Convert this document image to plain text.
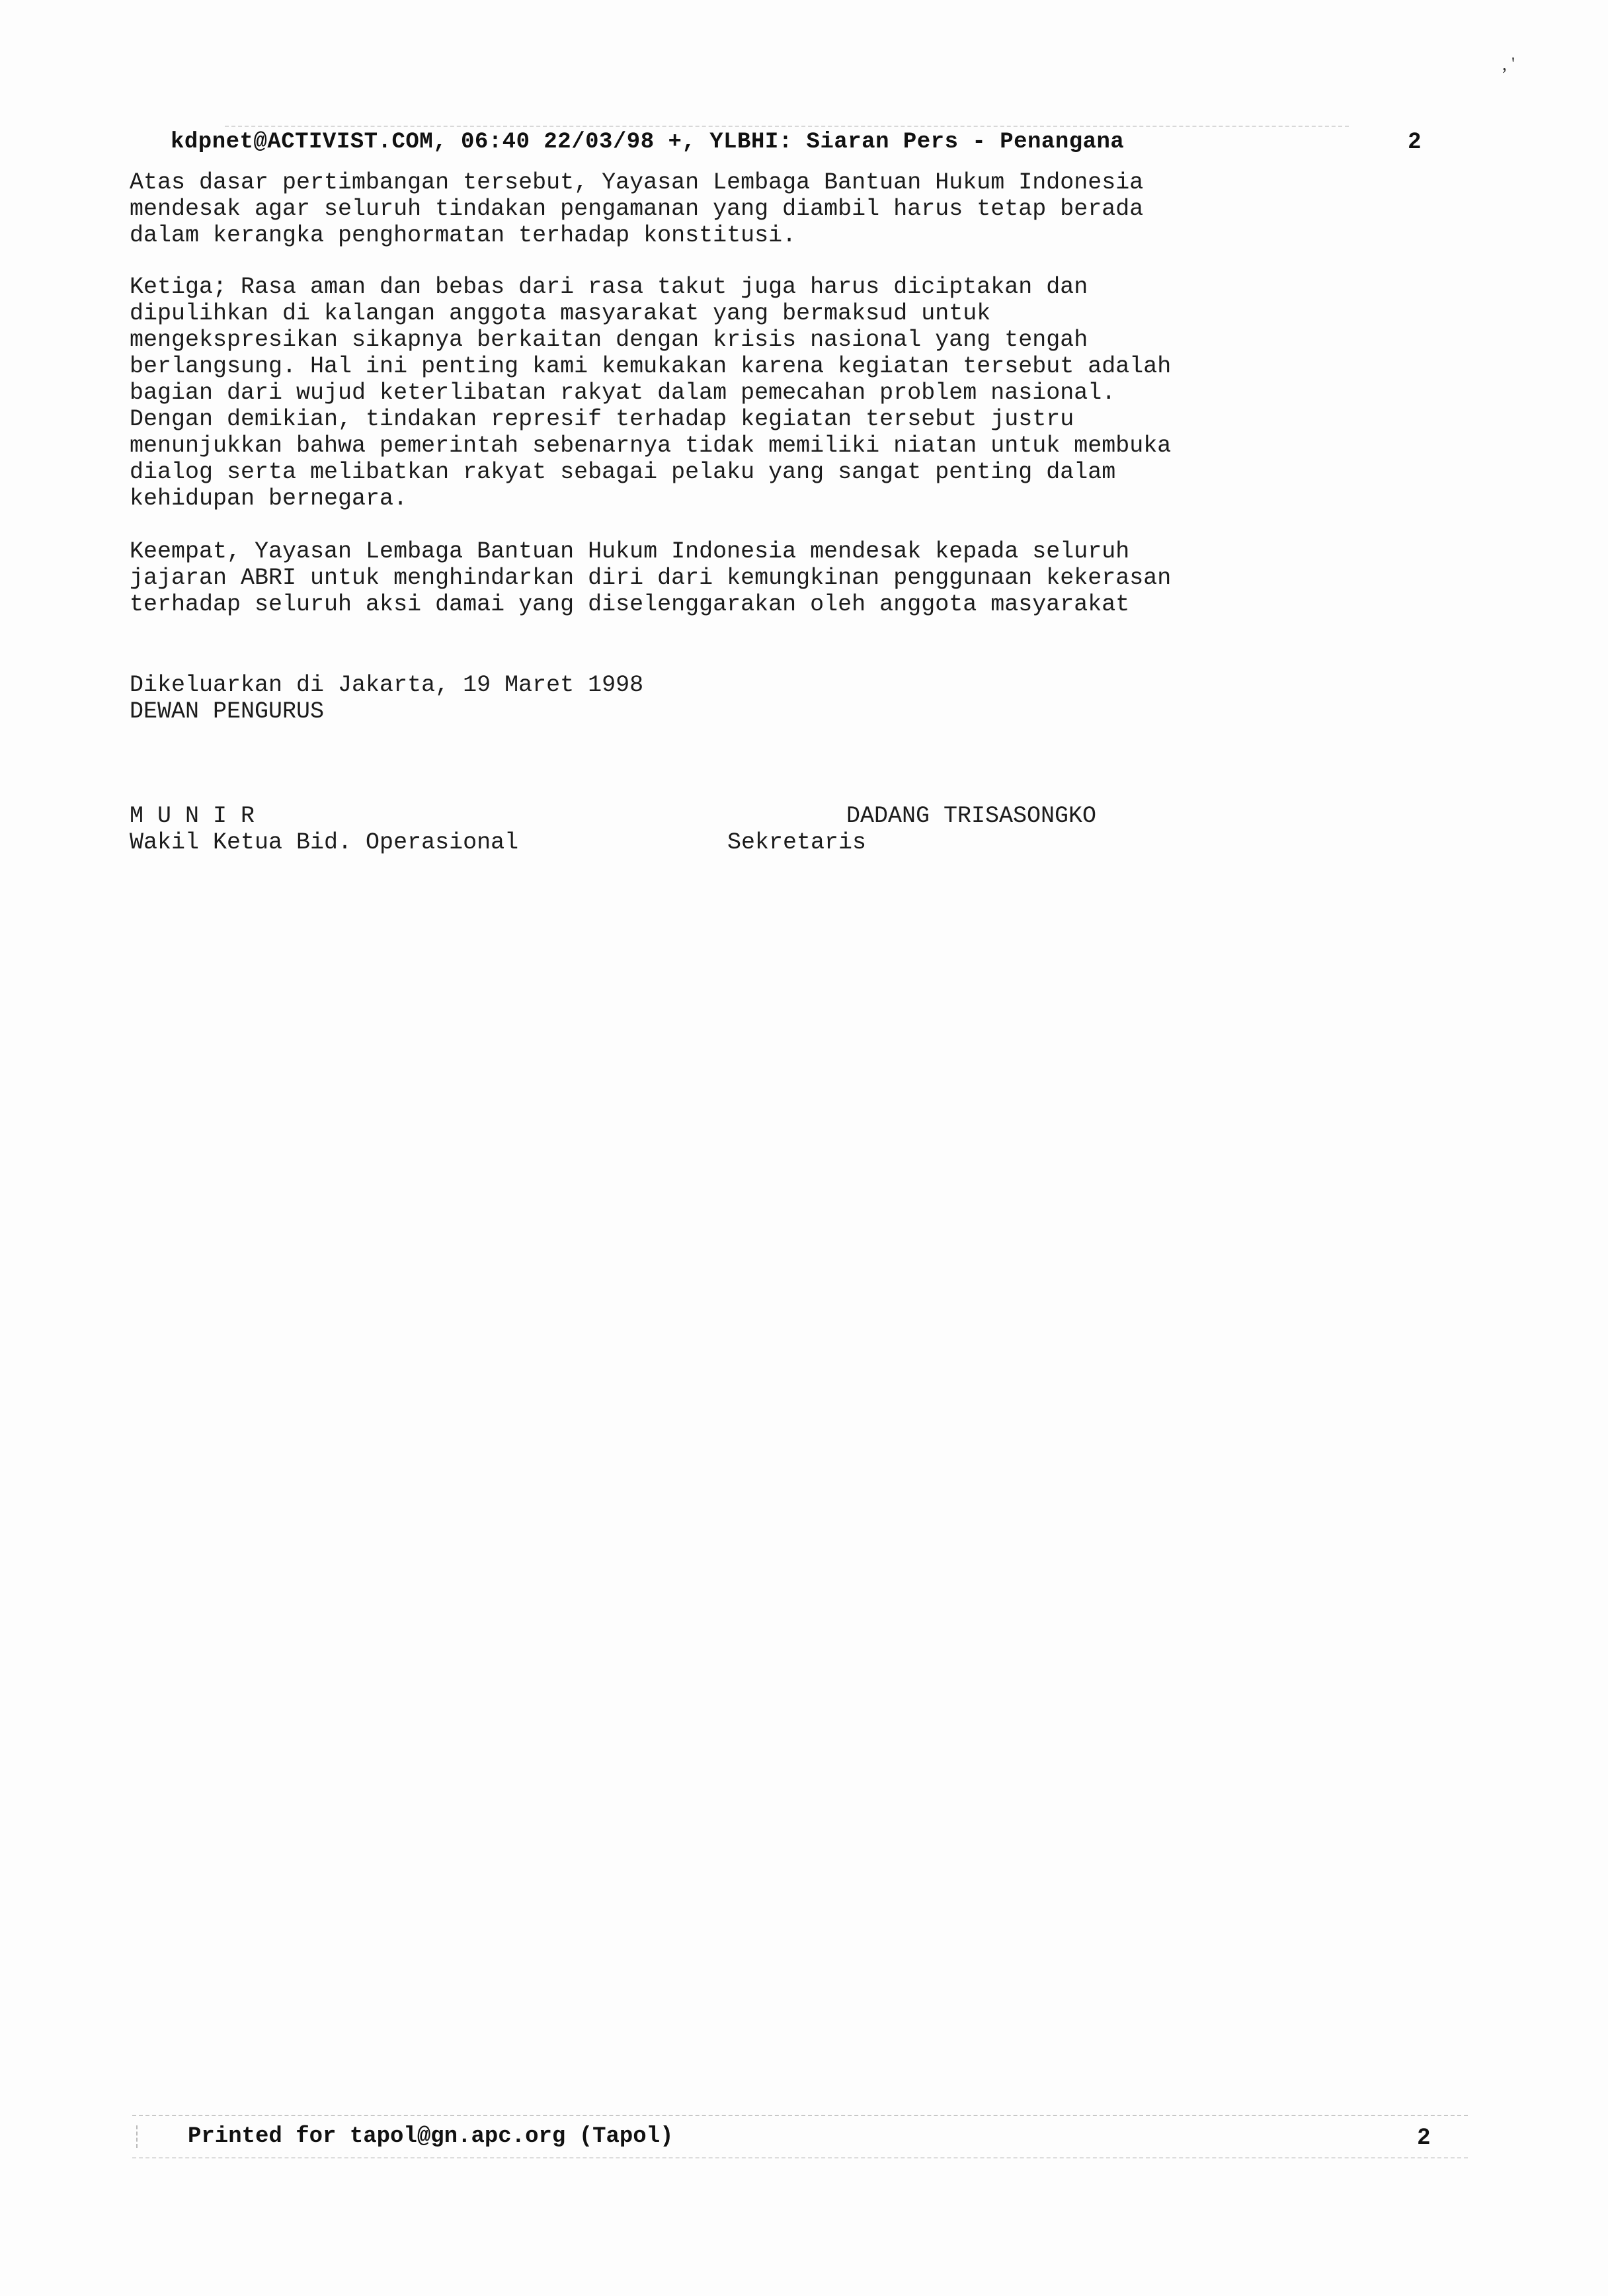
, '
kdpnet@ACTIVIST.COM, 06:40 22/03/98 +, YLBHI: Siaran Pers - Penangana	2
Atas dasar pertimbangan tersebut, Yayasan Lembaga Bantuan Hukum Indonesia
mendesak agar seluruh tindakan pengamanan yang diambil harus tetap berada
dalam kerangka penghormatan terhadap konstitusi.
Ketiga; Rasa aman dan bebas dari rasa takut juga harus diciptakan dan
dipulihkan di kalangan anggota masyarakat yang bermaksud untuk
mengekspresikan sikapnya berkaitan dengan krisis nasional yang tengah
berlangsung. Hal ini penting kami kemukakan karena kegiatan tersebut adalah
bagian dari wujud keterlibatan rakyat dalam pemecahan problem nasional.
Dengan demikian, tindakan represif terhadap kegiatan tersebut justru
menunjukkan bahwa pemerintah sebenarnya tidak memiliki niatan untuk membuka
dialog serta melibatkan rakyat sebagai pelaku yang sangat penting dalam
kehidupan bernegara.
Keempat, Yayasan Lembaga Bantuan Hukum Indonesia mendesak kepada seluruh
jajaran ABRI untuk menghindarkan diri dari kemungkinan penggunaan kekerasan
terhadap seluruh aksi damai yang diselenggarakan oleh anggota masyarakat
Dikeluarkan di Jakarta, 19 Maret 1998
DEWAN PENGURUS
M U N I R
Wakil Ketua Bid. Operasional
DADANG TRISASONGKO
Sekretaris
Printed for tapol@gn.apc.org (Tapol)	2
